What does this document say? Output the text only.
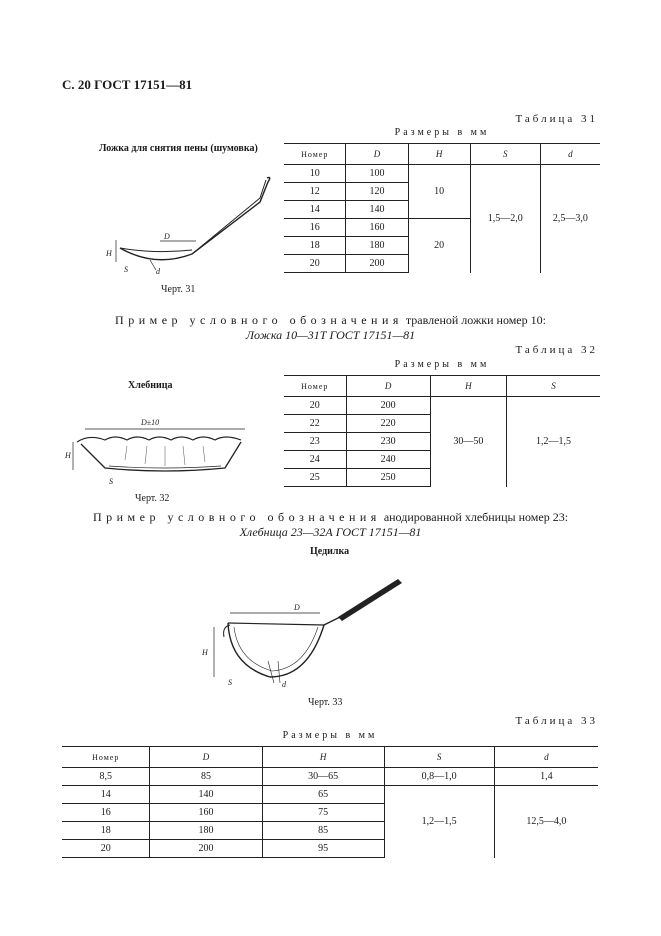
С. 20 ГОСТ 17151—81
Таблица 31
Размеры в мм
Ложка для снятия пены (шумовка)
D
H
S	d
Черт. 31
Номер	D	H	S	d
10	100	10	1,5—2,0	2,5—3,0
12	120			
14	140			
16	160	20		
18	180			
20	200			
Пример условного обозначения травленой ложки номер 10:
Ложка 10—31Т ГОСТ 17151—81
Таблица 32
Размеры в мм
Хлебница
D±10
H
S
Черт. 32
Номер	D	H	S
20	200	30—50	1,2—1,5
22	220		
23	230		
24	240		
25	250		
Пример условного обозначения анодированной хлебницы номер 23:
Хлебница 23—32А ГОСТ 17151—81
Цедилка
D
H
S	d
Черт. 33
Таблица 33
Размеры в мм
Номер	D	H	S	d
8,5	85	30—65	0,8—1,0	1,4
14	140	65	1,2—1,5	12,5—4,0
16	160	75		
18	180	85		
20	200	95		
